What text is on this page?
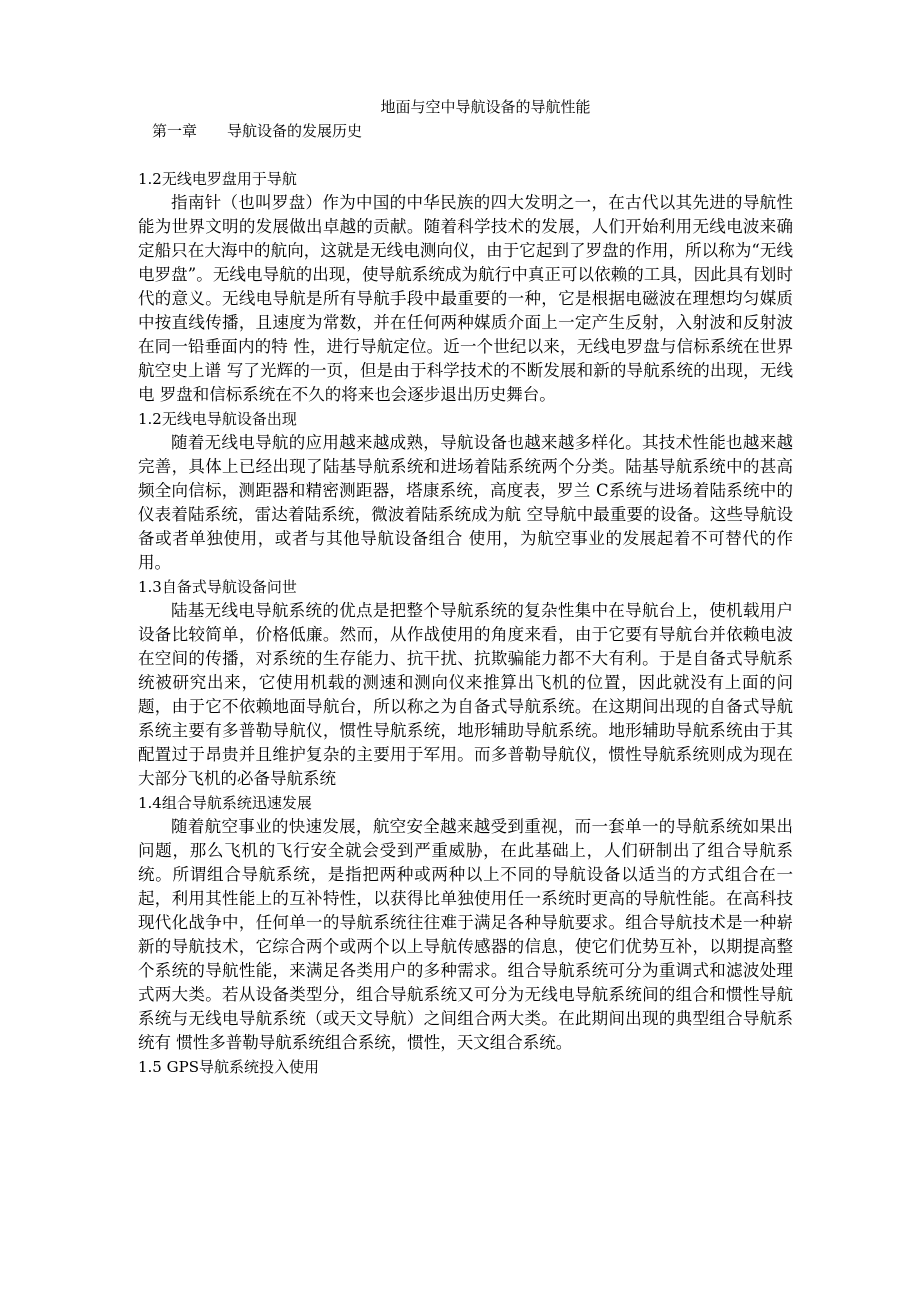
地面与空中导航设备的导航性能
第一章　　导航设备的发展历史
1.2无线电罗盘用于导航

指南针（也叫罗盘）作为中国的中华民族的四大发明之一，在古代以其先进的导航性能为世界文明的发展做出卓越的贡献。随着科学技术的发展，人们开始利用无线电波来确定船只在大海中的航向，这就是无线电测向仪，由于它起到了罗盘的作用，所以称为“无线电罗盘”。无线电导航的出现，使导航系统成为航行中真正可以依赖的工具，因此具有划时代的意义。无线电导航是所有导航手段中最重要的一种，它是根据电磁波在理想均匀媒质中按直线传播，且速度为常数，并在任何两种媒质介面上一定产生反射，入射波和反射波在同一铅垂面内的特 性，进行导航定位。近一个世纪以来，无线电罗盘与信标系统在世界航空史上谱 写了光辉的一页，但是由于科学技术的不断发展和新的导航系统的出现，无线电 罗盘和信标系统在不久的将来也会逐步退出历史舞台。

1.2无线电导航设备出现

随着无线电导航的应用越来越成熟，导航设备也越来越多样化。其技术性能也越来越完善，具体上已经出现了陆基导航系统和进场着陆系统两个分类。陆基导航系统中的甚高频全向信标，测距器和精密测距器，塔康系统，高度表，罗兰 C系统与进场着陆系统中的仪表着陆系统，雷达着陆系统，微波着陆系统成为航 空导航中最重要的设备。这些导航设备或者单独使用，或者与其他导航设备组合 使用，为航空事业的发展起着不可替代的作用。

1.3自备式导航设备问世

陆基无线电导航系统的优点是把整个导航系统的复杂性集中在导航台上，使机载用户设备比较简单，价格低廉。然而，从作战使用的角度来看，由于它要有导航台并依赖电波在空间的传播，对系统的生存能力、抗干扰、抗欺骗能力都不大有利。于是自备式导航系统被研究出来，它使用机载的测速和测向仪来推算出飞机的位置，因此就没有上面的问题，由于它不依赖地面导航台，所以称之为自备式导航系统。在这期间出现的自备式导航系统主要有多普勒导航仪，惯性导航系统，地形辅助导航系统。地形辅助导航系统由于其配置过于昂贵并且维护复杂的主要用于军用。而多普勒导航仪，惯性导航系统则成为现在大部分飞机的必备导航系统

1.4组合导航系统迅速发展

随着航空事业的快速发展，航空安全越来越受到重视，而一套单一的导航系统如果出问题，那么飞机的飞行安全就会受到严重威胁，在此基础上，人们研制出了组合导航系统。所谓组合导航系统，是指把两种或两种以上不同的导航设备以适当的方式组合在一起，利用其性能上的互补特性，以获得比单独使用任一系统时更高的导航性能。在高科技现代化战争中，任何单一的导航系统往往难于满足各种导航要求。组合导航技术是一种崭新的导航技术，它综合两个或两个以上导航传感器的信息，使它们优势互补，以期提高整个系统的导航性能，来满足各类用户的多种需求。组合导航系统可分为重调式和滤波处理式两大类。若从设备类型分，组合导航系统又可分为无线电导航系统间的组合和惯性导航系统与无线电导航系统（或天文导航）之间组合两大类。在此期间出现的典型组合导航系统有 惯性多普勒导航系统组合系统，惯性，天文组合系统。

1.5 GPS导航系统投入使用
